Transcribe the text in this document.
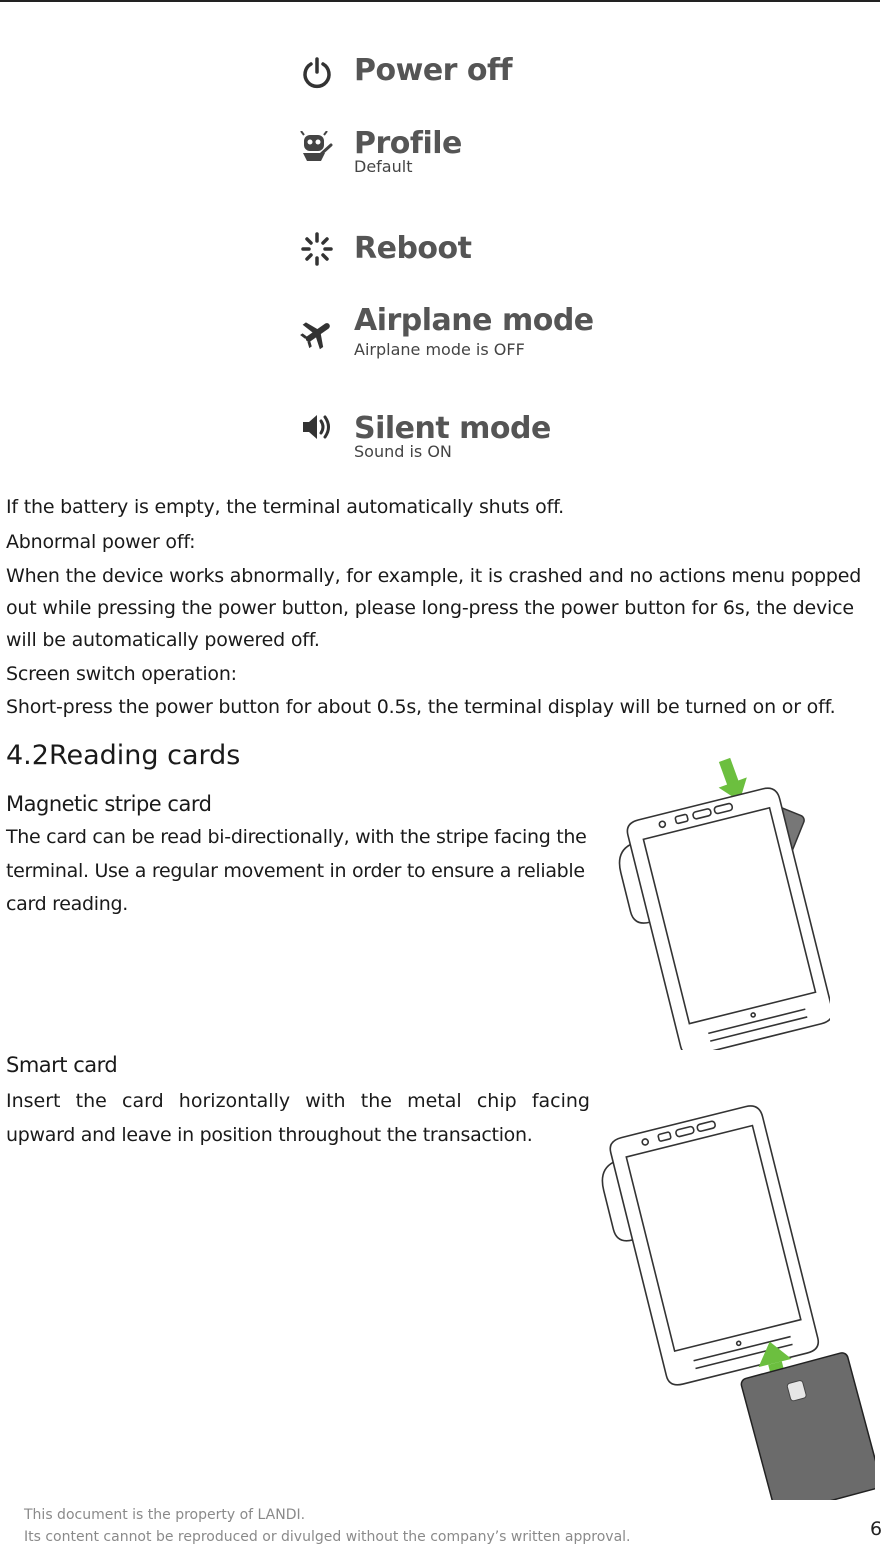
Power off
Profile
Default
Reboot
Airplane mode
Airplane mode is OFF
Silent mode
Sound is ON
If the battery is empty, the terminal automatically shuts off.
Abnormal power off:
When the device works abnormally, for example, it is crashed and no actions menu popped
out while pressing the power button, please long-press the power button for 6s, the device
will be automatically powered off.
Screen switch operation:
Short-press the power button for about 0.5s, the terminal display will be turned on or off.
4.2Reading cards
Magnetic stripe card
The card can be read bi-directionally, with the stripe facing the
terminal. Use a regular movement in order to ensure a reliable
card reading.
Smart card
Insert the card horizontally with the metal chip facing
upward and leave in position throughout the transaction.
This document is the property of LANDI.
Its content cannot be reproduced or divulged without the company’s written approval.	6
